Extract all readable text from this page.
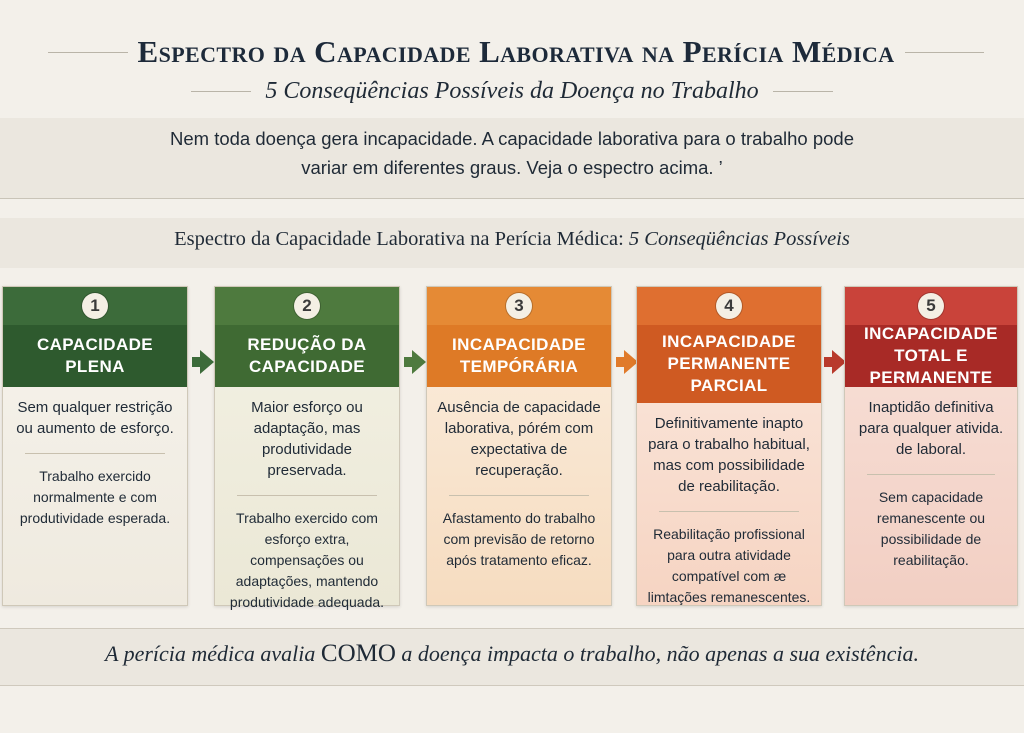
Espectro da Capacidade Laborativa na Perícia Médica
5 Conseqüências Possíveis da Doença no Trabalho
Nem toda doença gera incapacidade. A capacidade laborativa para o trabalho pode
variar em diferentes graus. Veja o espectro acima. ’
Espectro da Capacidade Laborativa na Perícia Médica: 5 Conseqüências Possíveis
1
CAPACIDADE PLENA
Sem qualquer restrição ou aumento de esforço.
Trabalho exercido normalmente e com produtividade esperada.
2
REDUÇÃO DA CAPACIDADE
Maior esforço ou adaptação, mas produtividade preservada.
Trabalho exercido com esforço extra, compensações ou adaptações, mantendo produtividade adequada.
3
INCAPACIDADE TEMPÓRÁRIA
Ausência de capacidade laborativa, pórém com expectativa de recuperação.
Afastamento do trabalho com previsão de retorno após tratamento eficaz.
4
INCAPACIDADE PERMANENTE PARCIAL
Definitivamente inapto para o trabalho habitual, mas com possibilidade de reabilitação.
Reabilitação profissional para outra atividade compatível com æ limtações remanescentes.
5
INCAPACIDADE TOTAL E PERMANENTE
Inaptidão definitiva para qualquer ativida. de laboral.
Sem capacidade remanescente ou possibilidade de reabilitação.
A perícia médica avalia COMO a doença impacta o trabalho, não apenas a sua existência.
